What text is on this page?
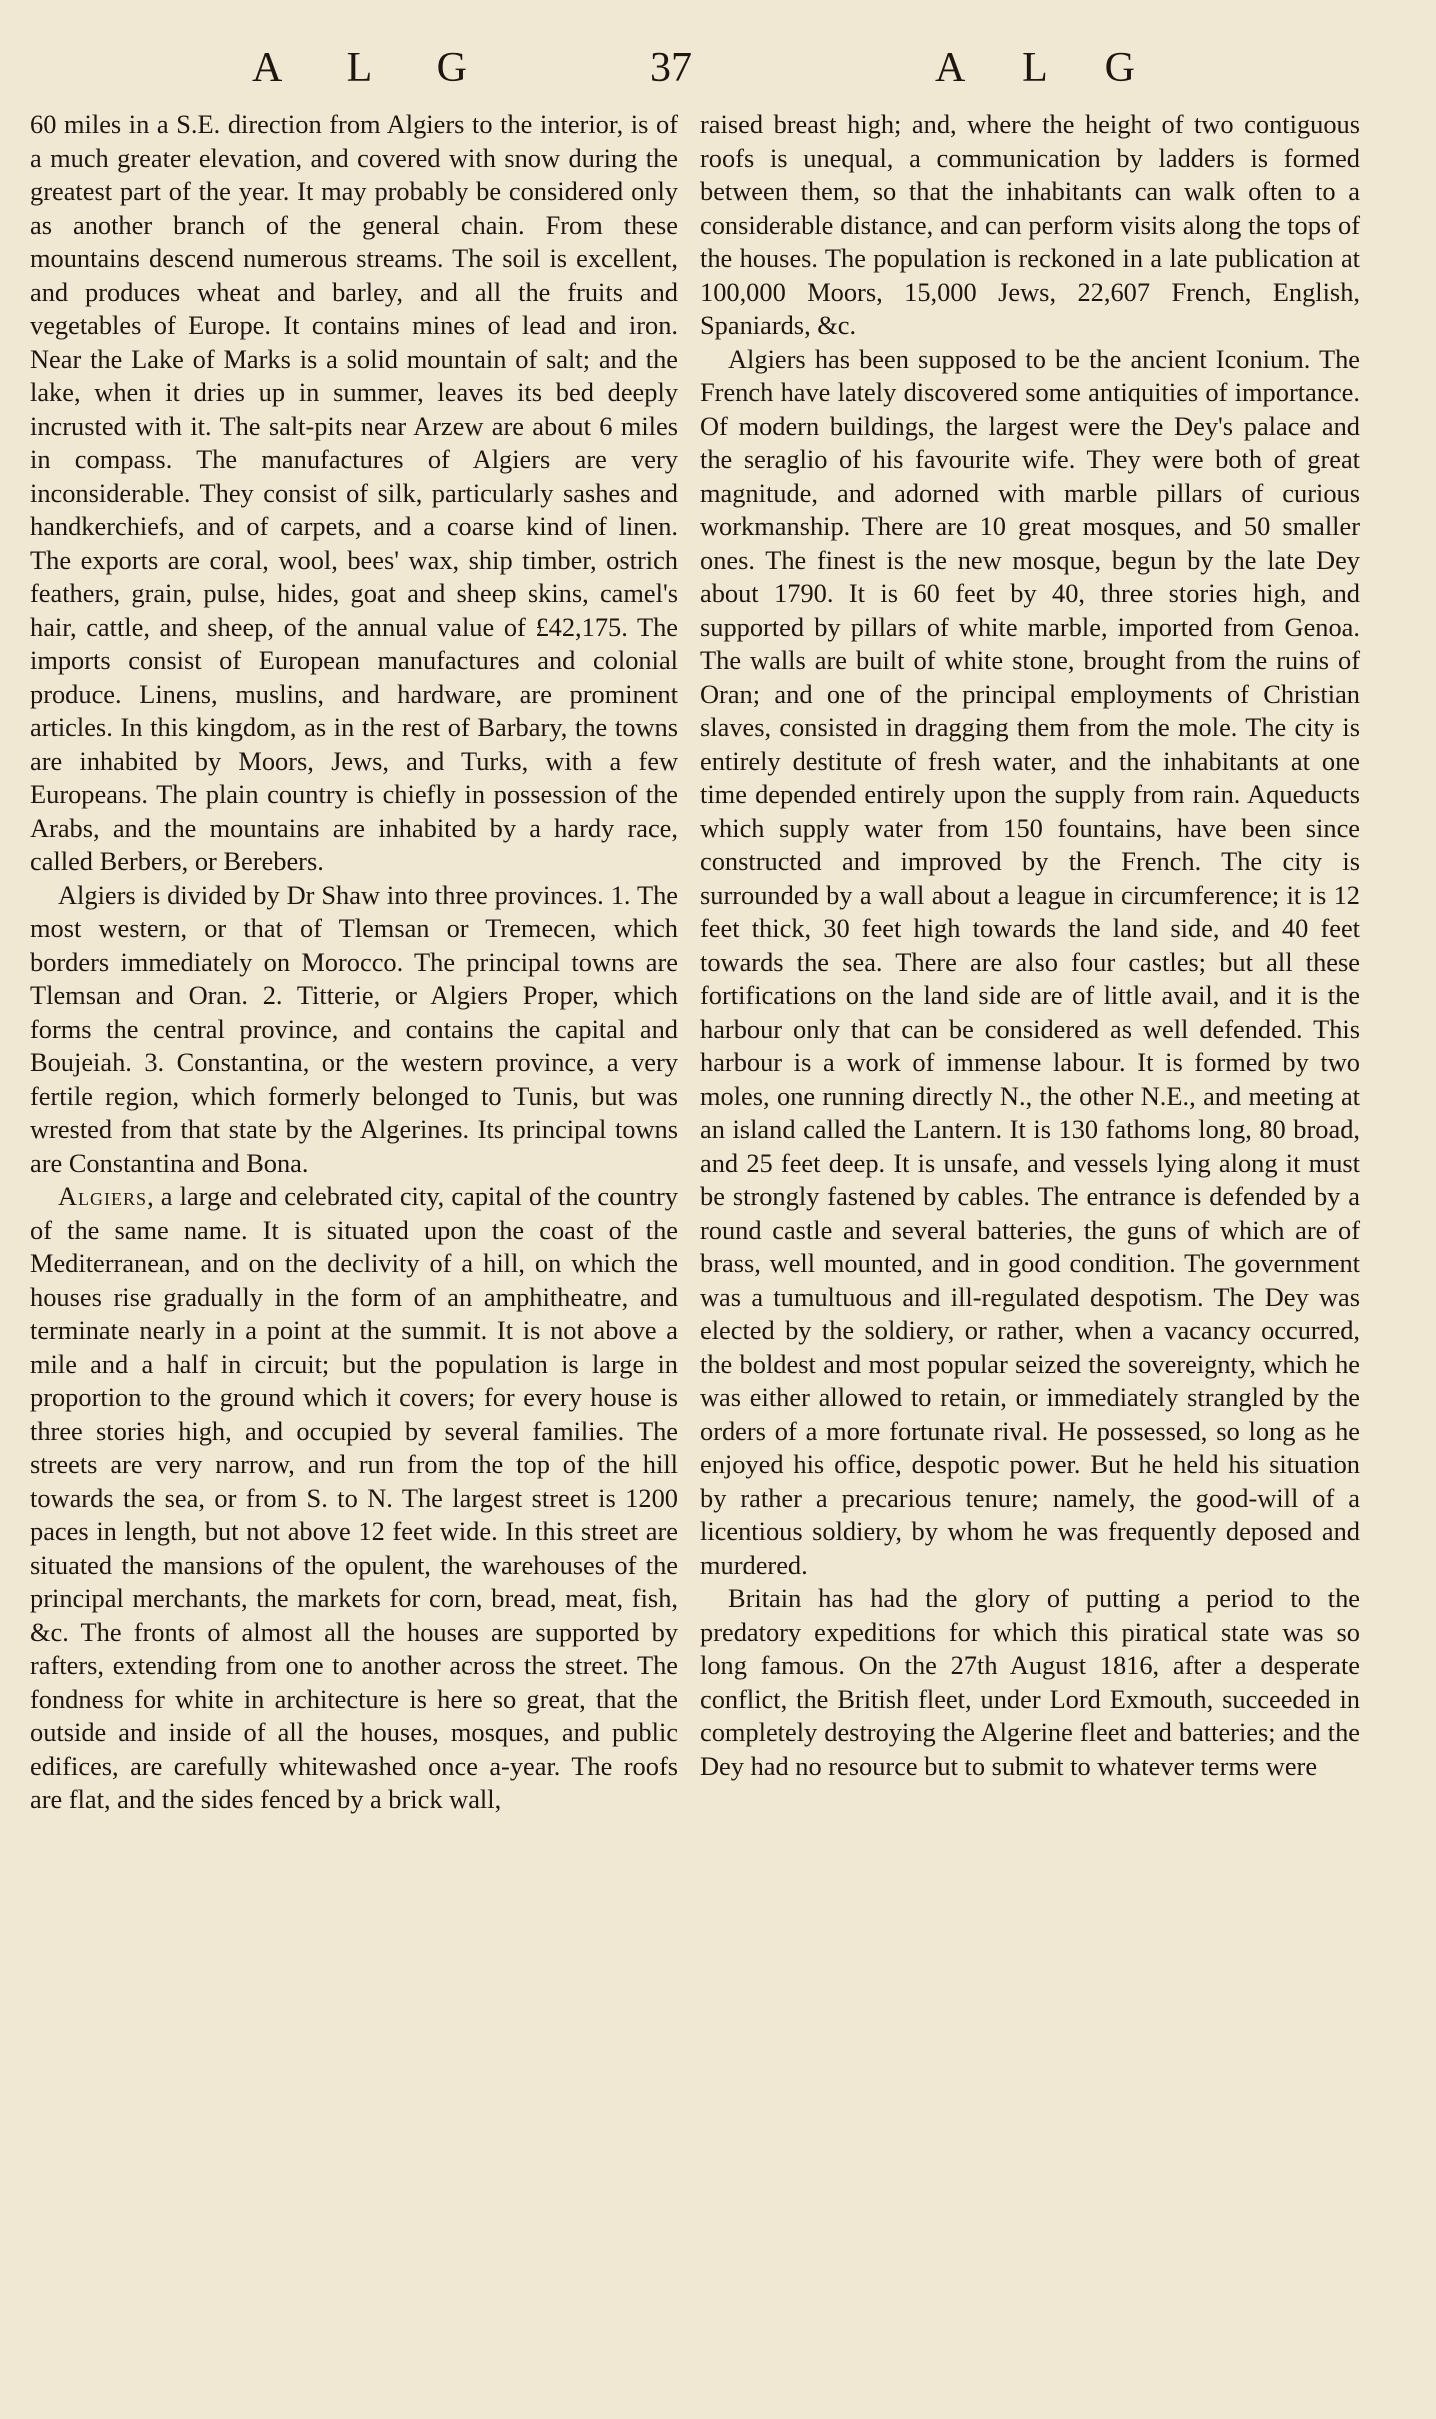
A L G	37	A L G

60 miles in a S.E. direction from Algiers to the interior, is of a much greater elevation, and covered with snow during the greatest part of the year. It may probably be considered only as another branch of the general chain. From these mountains descend numerous streams. The soil is excellent, and produces wheat and barley, and all the fruits and vegetables of Europe. It contains mines of lead and iron. Near the Lake of Marks is a solid mountain of salt; and the lake, when it dries up in summer, leaves its bed deeply incrusted with it. The salt-pits near Arzew are about 6 miles in compass. The manufactures of Algiers are very inconsiderable. They consist of silk, particularly sashes and handkerchiefs, and of carpets, and a coarse kind of linen. The exports are coral, wool, bees' wax, ship timber, ostrich feathers, grain, pulse, hides, goat and sheep skins, camel's hair, cattle, and sheep, of the annual value of £42,175. The imports consist of European manufactures and colonial produce. Linens, muslins, and hardware, are prominent articles. In this kingdom, as in the rest of Barbary, the towns are inhabited by Moors, Jews, and Turks, with a few Europeans. The plain country is chiefly in possession of the Arabs, and the mountains are inhabited by a hardy race, called Berbers, or Berebers.

Algiers is divided by Dr Shaw into three provinces. 1. The most western, or that of Tlemsan or Tremecen, which borders immediately on Morocco. The principal towns are Tlemsan and Oran. 2. Titterie, or Algiers Proper, which forms the central province, and contains the capital and Boujeiah. 3. Constantina, or the western province, a very fertile region, which formerly belonged to Tunis, but was wrested from that state by the Algerines. Its principal towns are Constantina and Bona.

Algiers, a large and celebrated city, capital of the country of the same name. It is situated upon the coast of the Mediterranean, and on the declivity of a hill, on which the houses rise gradually in the form of an amphitheatre, and terminate nearly in a point at the summit. It is not above a mile and a half in circuit; but the population is large in proportion to the ground which it covers; for every house is three stories high, and occupied by several families. The streets are very narrow, and run from the top of the hill towards the sea, or from S. to N. The largest street is 1200 paces in length, but not above 12 feet wide. In this street are situated the mansions of the opulent, the warehouses of the principal merchants, the markets for corn, bread, meat, fish, &c. The fronts of almost all the houses are supported by rafters, extending from one to another across the street. The fondness for white in architecture is here so great, that the outside and inside of all the houses, mosques, and public edifices, are carefully whitewashed once a-year. The roofs are flat, and the sides fenced by a brick wall,

raised breast high; and, where the height of two contiguous roofs is unequal, a communication by ladders is formed between them, so that the inhabitants can walk often to a considerable distance, and can perform visits along the tops of the houses. The population is reckoned in a late publication at 100,000 Moors, 15,000 Jews, 22,607 French, English, Spaniards, &c.

Algiers has been supposed to be the ancient Iconium. The French have lately discovered some antiquities of importance. Of modern buildings, the largest were the Dey's palace and the seraglio of his favourite wife. They were both of great magnitude, and adorned with marble pillars of curious workmanship. There are 10 great mosques, and 50 smaller ones. The finest is the new mosque, begun by the late Dey about 1790. It is 60 feet by 40, three stories high, and supported by pillars of white marble, imported from Genoa. The walls are built of white stone, brought from the ruins of Oran; and one of the principal employments of Christian slaves, consisted in dragging them from the mole. The city is entirely destitute of fresh water, and the inhabitants at one time depended entirely upon the supply from rain. Aqueducts which supply water from 150 fountains, have been since constructed and improved by the French. The city is surrounded by a wall about a league in circumference; it is 12 feet thick, 30 feet high towards the land side, and 40 feet towards the sea. There are also four castles; but all these fortifications on the land side are of little avail, and it is the harbour only that can be considered as well defended. This harbour is a work of immense labour. It is formed by two moles, one running directly N., the other N.E., and meeting at an island called the Lantern. It is 130 fathoms long, 80 broad, and 25 feet deep. It is unsafe, and vessels lying along it must be strongly fastened by cables. The entrance is defended by a round castle and several batteries, the guns of which are of brass, well mounted, and in good condition. The government was a tumultuous and ill-regulated despotism. The Dey was elected by the soldiery, or rather, when a vacancy occurred, the boldest and most popular seized the sovereignty, which he was either allowed to retain, or immediately strangled by the orders of a more fortunate rival. He possessed, so long as he enjoyed his office, despotic power. But he held his situation by rather a precarious tenure; namely, the good-will of a licentious soldiery, by whom he was frequently deposed and murdered.

Britain has had the glory of putting a period to the predatory expeditions for which this piratical state was so long famous. On the 27th August 1816, after a desperate conflict, the British fleet, under Lord Exmouth, succeeded in completely destroying the Algerine fleet and batteries; and the Dey had no resource but to submit to whatever terms were
